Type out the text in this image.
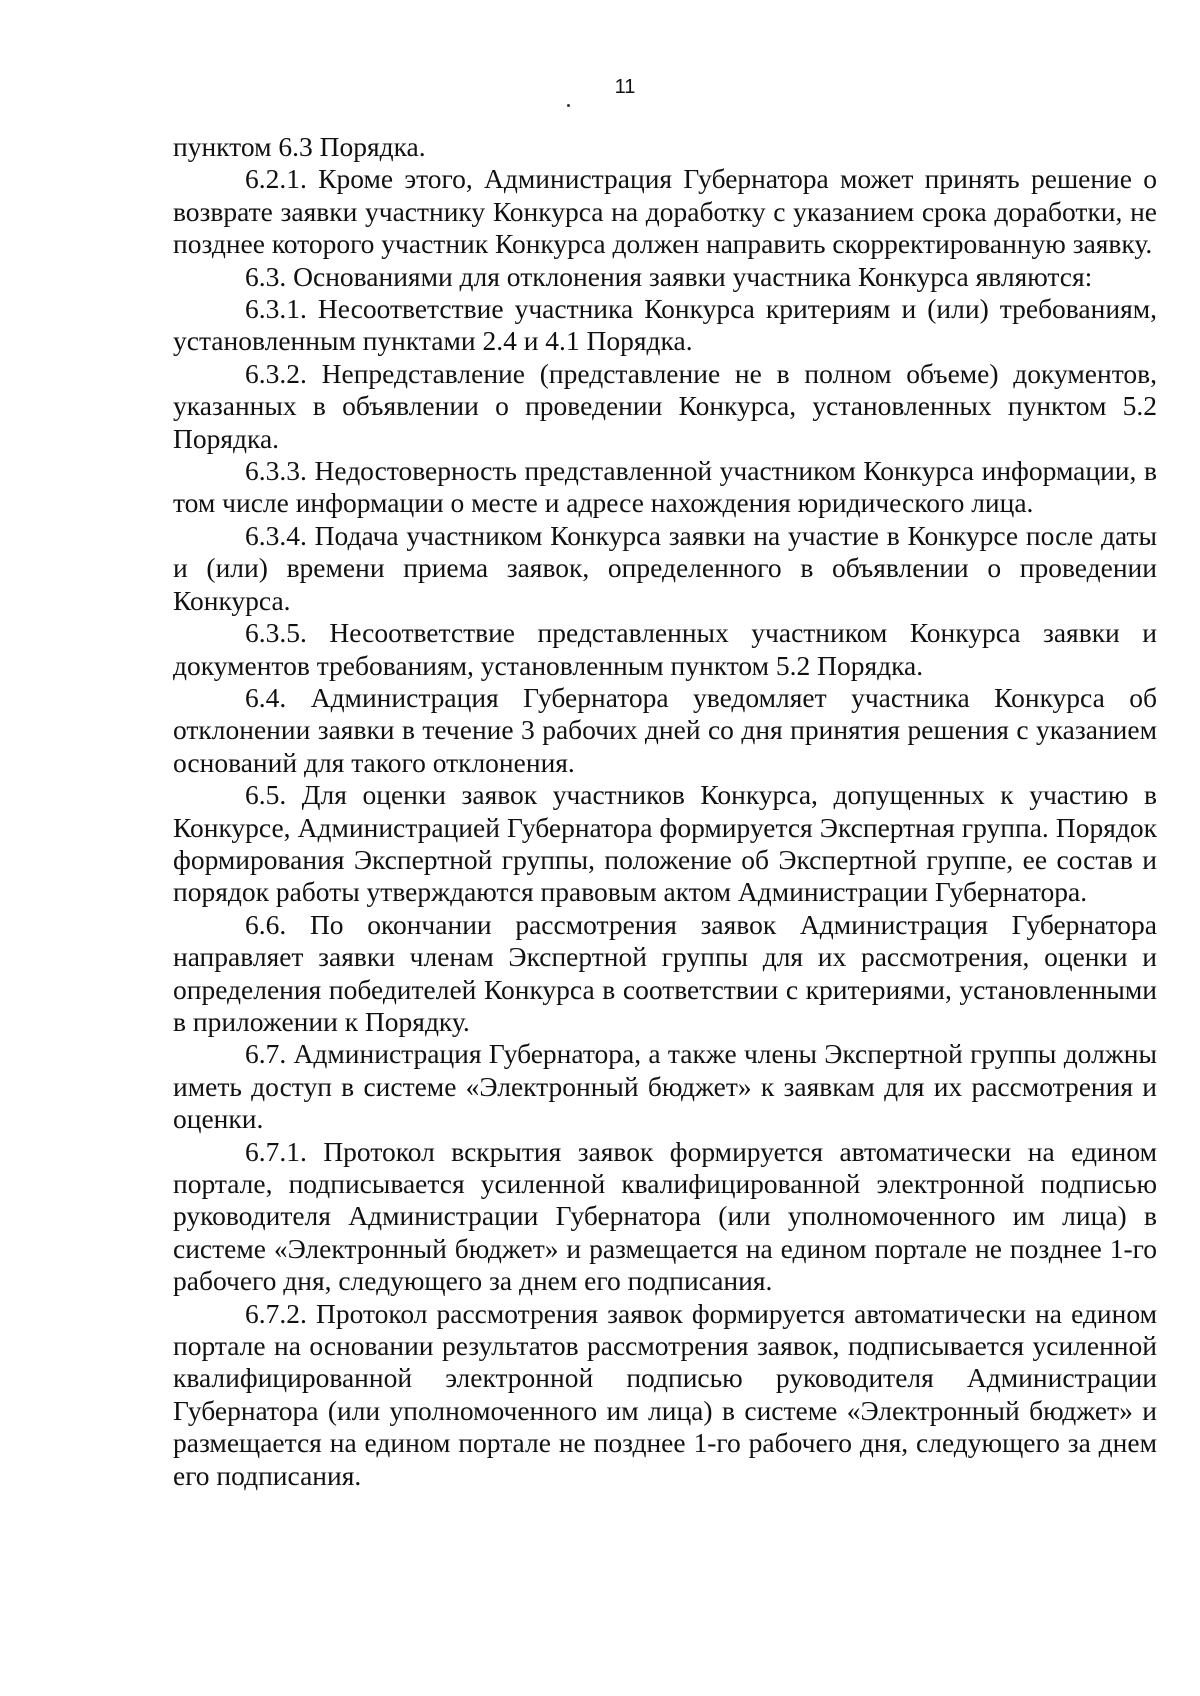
11

пунктом 6.3 Порядка.

6.2.1. Кроме этого, Администрация Губернатора может принять решение о возврате заявки участнику Конкурса на доработку с указанием срока доработки, не позднее которого участник Конкурса должен направить скорректированную заявку.

6.3. Основаниями для отклонения заявки участника Конкурса являются:

6.3.1. Несоответствие участника Конкурса критериям и (или) требованиям, установленным пунктами 2.4 и 4.1 Порядка.

6.3.2. Непредставление (представление не в полном объеме) документов, указанных в объявлении о проведении Конкурса, установленных пунктом 5.2 Порядка.

6.3.3. Недостоверность представленной участником Конкурса информации, в том числе информации о месте и адресе нахождения юридического лица.

6.3.4. Подача участником Конкурса заявки на участие в Конкурсе после даты и (или) времени приема заявок, определенного в объявлении о проведении Конкурса.

6.3.5. Несоответствие представленных участником Конкурса заявки и документов требованиям, установленным пунктом 5.2 Порядка.

6.4. Администрация Губернатора уведомляет участника Конкурса об отклонении заявки в течение 3 рабочих дней со дня принятия решения с указанием оснований для такого отклонения.

6.5. Для оценки заявок участников Конкурса, допущенных к участию в Конкурсе, Администрацией Губернатора формируется Экспертная группа. Порядок формирования Экспертной группы, положение об Экспертной группе, ее состав и порядок работы утверждаются правовым актом Администрации Губернатора.

6.6. По окончании рассмотрения заявок Администрация Губернатора направляет заявки членам Экспертной группы для их рассмотрения, оценки и определения победителей Конкурса в соответствии с критериями, установленными в приложении к Порядку.

6.7. Администрация Губернатора, а также члены Экспертной группы должны иметь доступ в системе «Электронный бюджет» к заявкам для их рассмотрения и оценки.

6.7.1. Протокол вскрытия заявок формируется автоматически на едином портале, подписывается усиленной квалифицированной электронной подписью руководителя Администрации Губернатора (или уполномоченного им лица) в системе «Электронный бюджет» и размещается на едином портале не позднее 1-го рабочего дня, следующего за днем его подписания.

6.7.2. Протокол рассмотрения заявок формируется автоматически на едином портале на основании результатов рассмотрения заявок, подписывается усиленной квалифицированной электронной подписью руководителя Администрации Губернатора (или уполномоченного им лица) в системе «Электронный бюджет» и размещается на едином портале не позднее 1-го рабочего дня, следующего за днем его подписания.
